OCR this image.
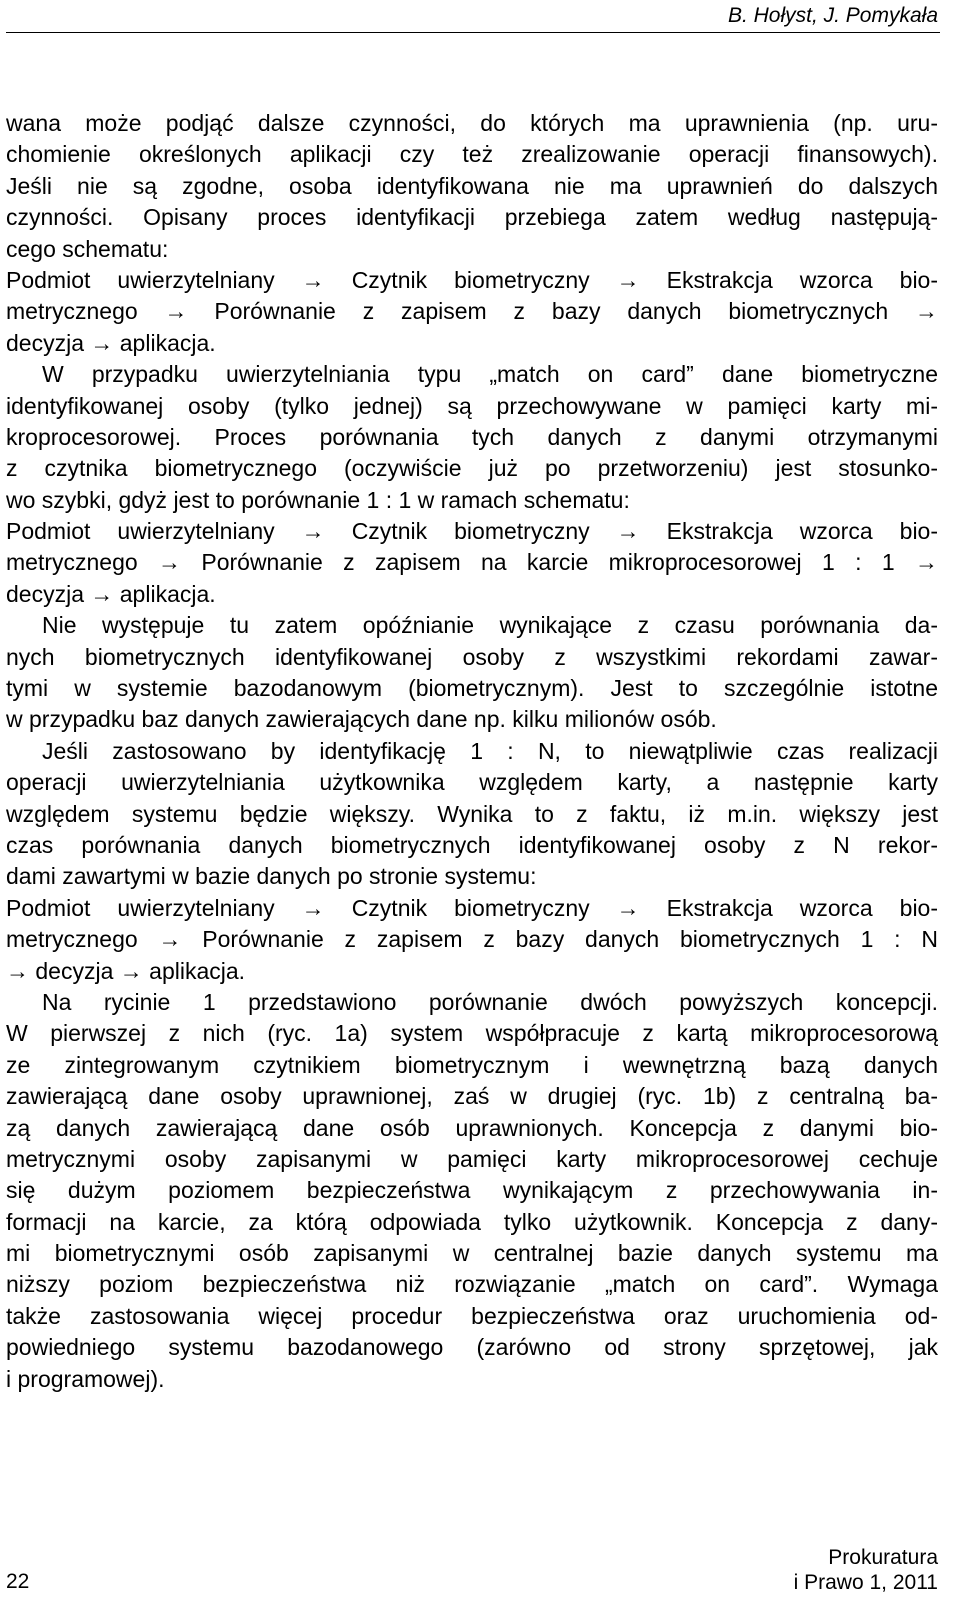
B. Hołyst, J. Pomykała
wana może podjąć dalsze czynności, do których ma uprawnienia (np. uru-
chomienie określonych aplikacji czy też zrealizowanie operacji finansowych).
Jeśli nie są zgodne, osoba identyfikowana nie ma uprawnień do dalszych
czynności. Opisany proces identyfikacji przebiega zatem według następują-
cego schematu:
Podmiot uwierzytelniany → Czytnik biometryczny → Ekstrakcja wzorca bio-
metrycznego → Porównanie z zapisem z bazy danych biometrycznych →
decyzja → aplikacja.
W przypadku uwierzytelniania typu „match on card” dane biometryczne
identyfikowanej osoby (tylko jednej) są przechowywane w pamięci karty mi-
kroprocesorowej. Proces porównania tych danych z danymi otrzymanymi
z czytnika biometrycznego (oczywiście już po przetworzeniu) jest stosunko-
wo szybki, gdyż jest to porównanie 1 : 1 w ramach schematu:
Podmiot uwierzytelniany → Czytnik biometryczny → Ekstrakcja wzorca bio-
metrycznego → Porównanie z zapisem na karcie mikroprocesorowej 1 : 1 →
decyzja → aplikacja.
Nie występuje tu zatem opóźnianie wynikające z czasu porównania da-
nych biometrycznych identyfikowanej osoby z wszystkimi rekordami zawar-
tymi w systemie bazodanowym (biometrycznym). Jest to szczególnie istotne
w przypadku baz danych zawierających dane np. kilku milionów osób.
Jeśli zastosowano by identyfikację 1 : N, to niewątpliwie czas realizacji
operacji uwierzytelniania użytkownika względem karty, a następnie karty
względem systemu będzie większy. Wynika to z faktu, iż m.in. większy jest
czas porównania danych biometrycznych identyfikowanej osoby z N rekor-
dami zawartymi w bazie danych po stronie systemu:
Podmiot uwierzytelniany → Czytnik biometryczny → Ekstrakcja wzorca bio-
metrycznego → Porównanie z zapisem z bazy danych biometrycznych 1 : N
→ decyzja → aplikacja.
Na rycinie 1 przedstawiono porównanie dwóch powyższych koncepcji.
W pierwszej z nich (ryc. 1a) system współpracuje z kartą mikroprocesorową
ze zintegrowanym czytnikiem biometrycznym i wewnętrzną bazą danych
zawierającą dane osoby uprawnionej, zaś w drugiej (ryc. 1b) z centralną ba-
zą danych zawierającą dane osób uprawnionych. Koncepcja z danymi bio-
metrycznymi osoby zapisanymi w pamięci karty mikroprocesorowej cechuje
się dużym poziomem bezpieczeństwa wynikającym z przechowywania in-
formacji na karcie, za którą odpowiada tylko użytkownik. Koncepcja z dany-
mi biometrycznymi osób zapisanymi w centralnej bazie danych systemu ma
niższy poziom bezpieczeństwa niż rozwiązanie „match on card”. Wymaga
także zastosowania więcej procedur bezpieczeństwa oraz uruchomienia od-
powiedniego systemu bazodanowego (zarówno od strony sprzętowej, jak
i programowej).
22
Prokuratura
i Prawo 1, 2011
